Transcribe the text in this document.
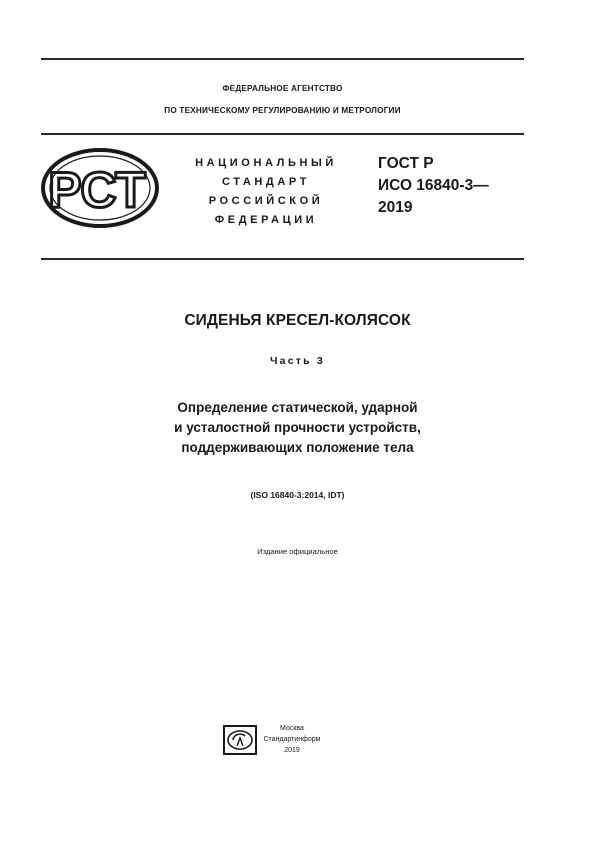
ФЕДЕРАЛЬНОЕ АГЕНТСТВО
ПО ТЕХНИЧЕСКОМУ РЕГУЛИРОВАНИЮ И МЕТРОЛОГИИ
РСТ	НАЦИОНАЛЬНЫЙ
СТАНДАРТ
РОССИЙСКОЙ
ФЕДЕРАЦИИ
ГОСТ Р
ИСО 16840-3—
2019
СИДЕНЬЯ КРЕСЕЛ-КОЛЯСОК
Часть 3
Определение статической, ударной
и усталостной прочности устройств,
поддерживающих положение тела
(ISO 16840-3:2014, IDT)
Издание официальное
Москва
Стандартинформ
2019
